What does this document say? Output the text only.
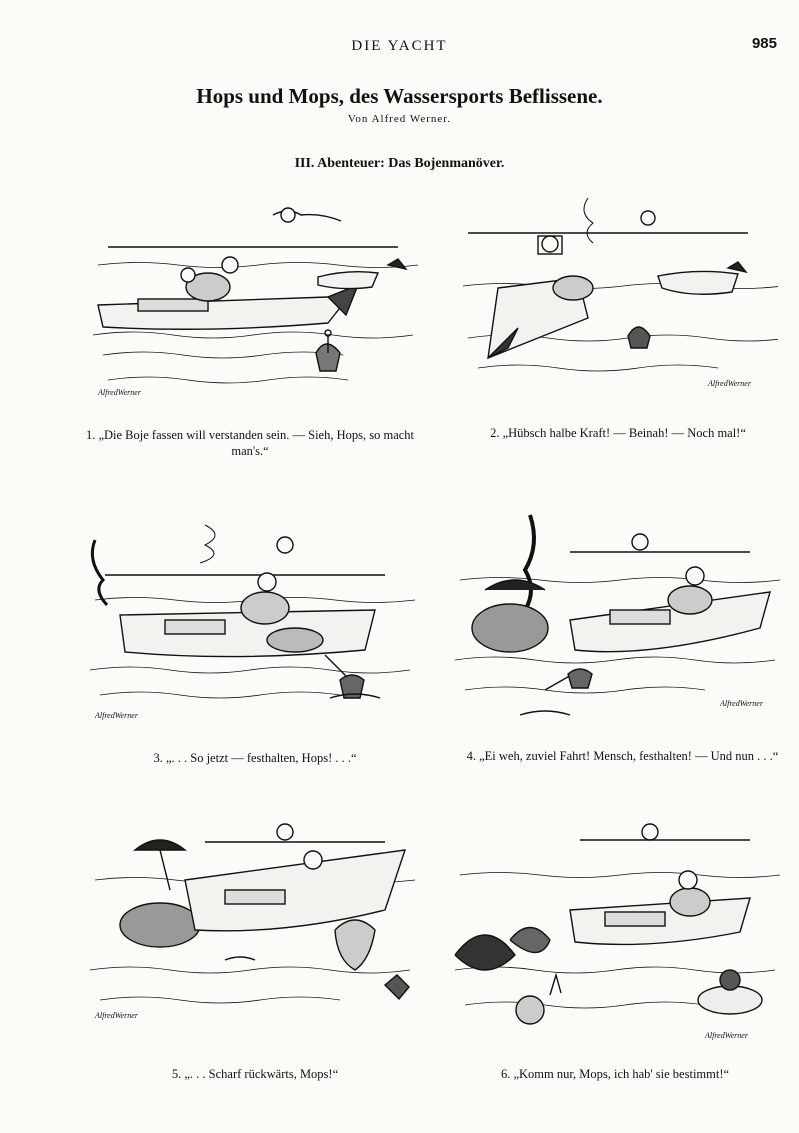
DIE YACHT	985
Hops und Mops, des Wassersports Beflissene.
Von Alfred Werner.
III. Abenteuer: Das Bojenmanöver.
AlfredWerner
1. „Die Boje fassen will verstanden sein. — Sieh, Hops, so macht man's.“
AlfredWerner
2. „Hübsch halbe Kraft! — Beinah! — Noch mal!“
AlfredWerner
3. „. . . So jetzt — festhalten, Hops! . . .“
AlfredWerner
4. „Ei weh, zuviel Fahrt! Mensch, festhalten! — Und nun . . .“
AlfredWerner
5. „. . . Scharf rückwärts, Mops!“
AlfredWerner
6. „Komm nur, Mops, ich hab' sie bestimmt!“
